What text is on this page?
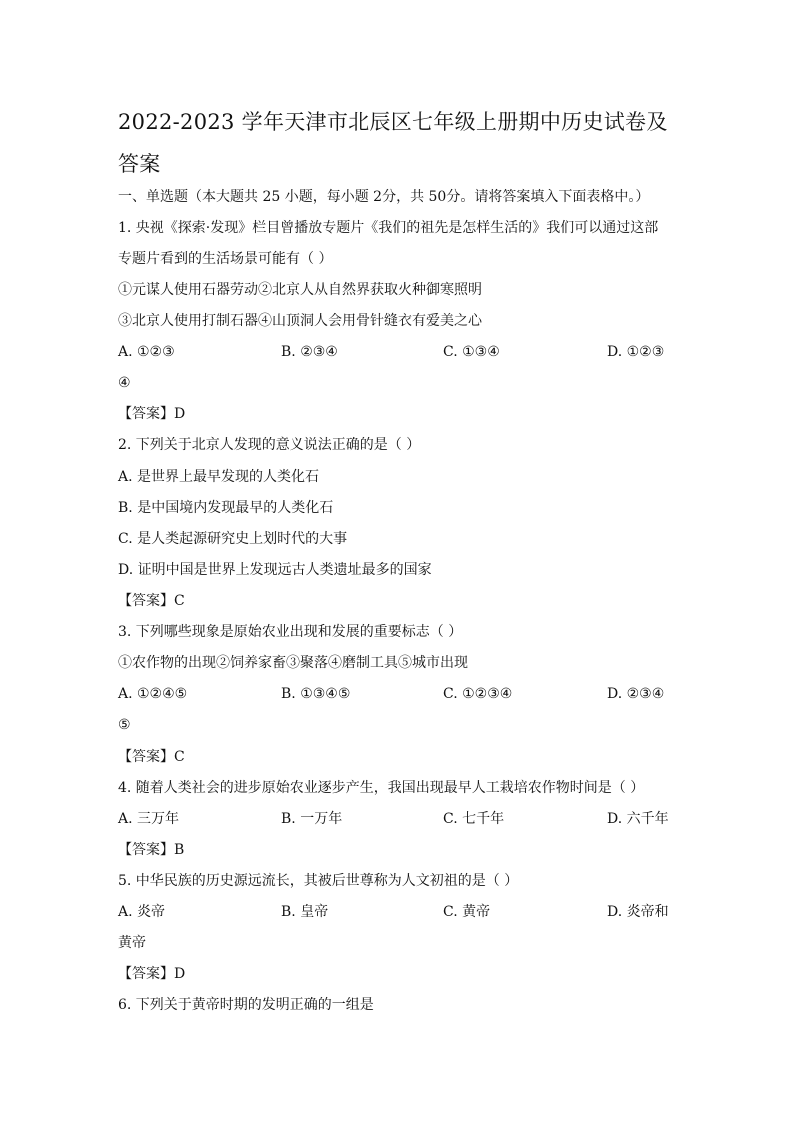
2022-2023 学年天津市北辰区七年级上册期中历史试卷及答案
一、单选题（本大题共 25 小题，每小题 2分，共 50分。请将答案填入下面表格中。）
1. 央视《探索·发现》栏目曾播放专题片《我们的祖先是怎样生活的》我们可以通过这部
专题片看到的生活场景可能有（ ）
①元谋人使用石器劳动②北京人从自然界获取火种御寒照明
③北京人使用打制石器④山顶洞人会用骨针缝衣有爱美之心
A. ①②③	B. ②③④	C. ①③④	D. ①②③
④
【答案】D
2. 下列关于北京人发现的意义说法正确的是（ ）
A. 是世界上最早发现的人类化石
B. 是中国境内发现最早的人类化石
C. 是人类起源研究史上划时代的大事
D. 证明中国是世界上发现远古人类遗址最多的国家
【答案】C
3. 下列哪些现象是原始农业出现和发展的重要标志（ ）
①农作物的出现②饲养家畜③聚落④磨制工具⑤城市出现
A. ①②④⑤	B. ①③④⑤	C. ①②③④	D. ②③④
⑤
【答案】C
4. 随着人类社会的进步原始农业逐步产生，我国出现最早人工栽培农作物时间是（ ）
A. 三万年	B. 一万年	C. 七千年	D. 六千年
【答案】B
5. 中华民族的历史源远流长，其被后世尊称为人文初祖的是（ ）
A. 炎帝	B. 皇帝	C. 黄帝	D. 炎帝和
黄帝
【答案】D
6. 下列关于黄帝时期的发明正确的一组是
